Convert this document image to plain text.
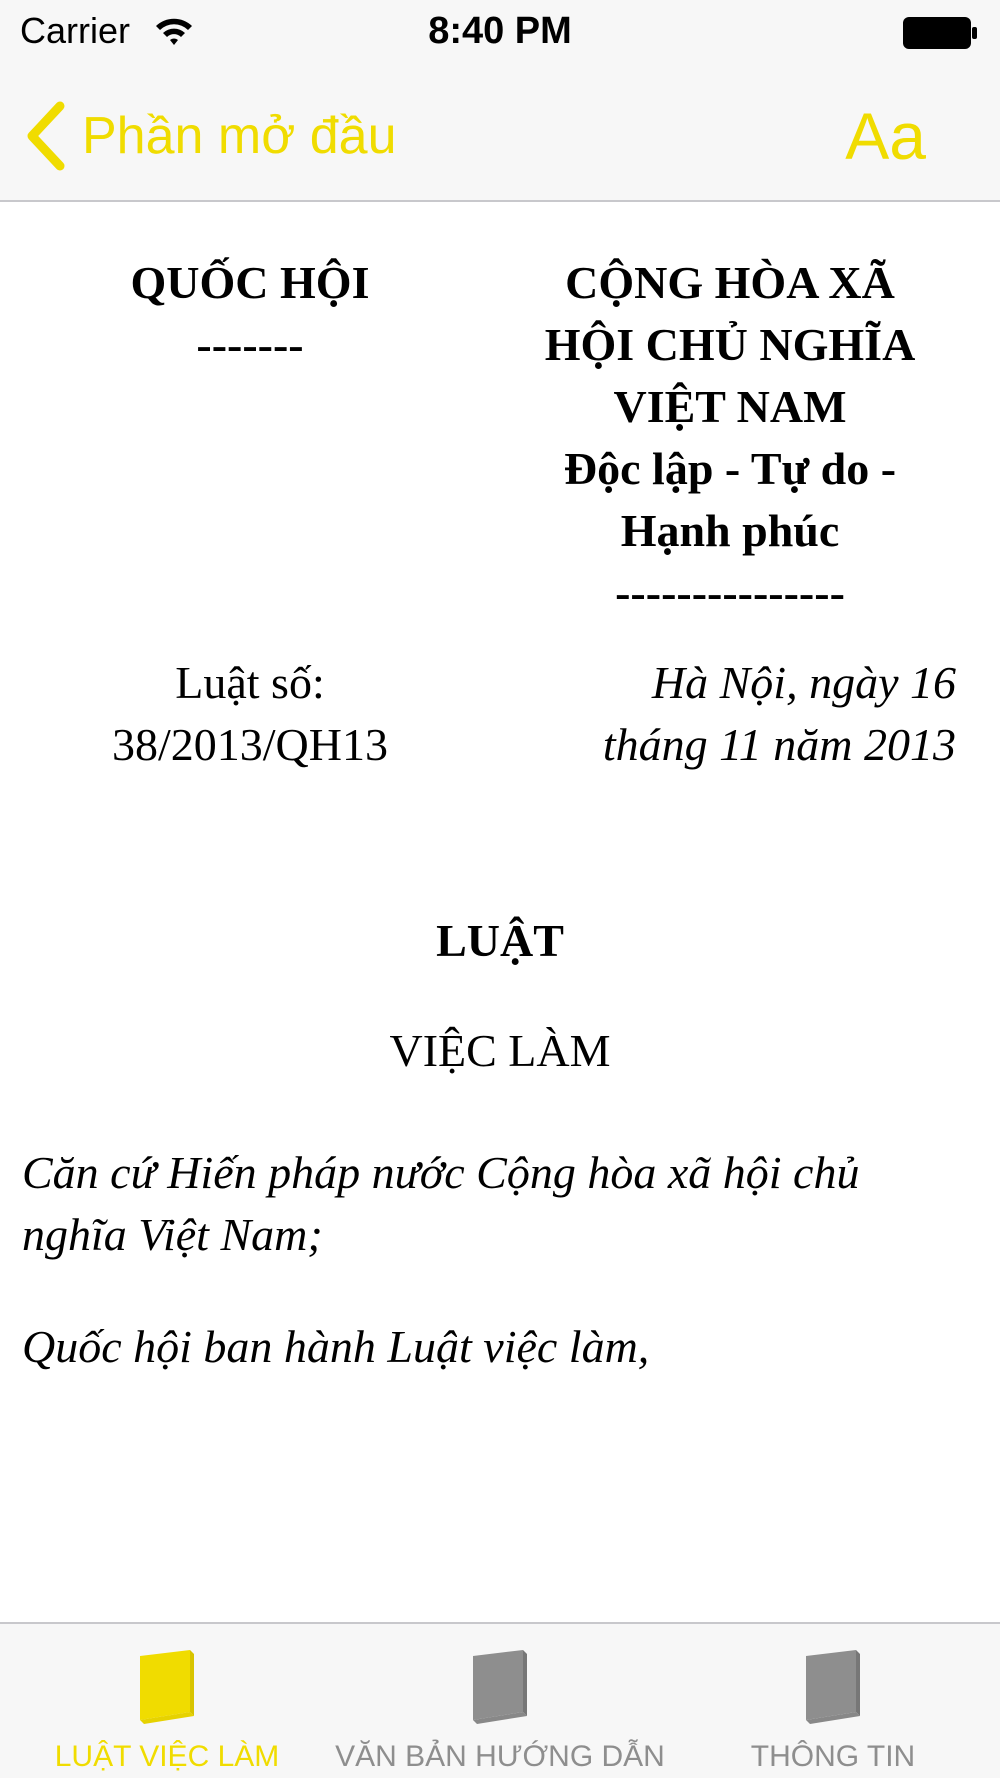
Carrier	8:40 PM
Phần mở đầu	Aa
QUỐC HỘI
-------
CỘNG HÒA XÃ
HỘI CHỦ NGHĨA
VIỆT NAM
Độc lập - Tự do -
Hạnh phúc
---------------
Luật số:
38/2013/QH13
Hà Nội, ngày 16
tháng 11 năm 2013
LUẬT
VIỆC LÀM
Căn cứ Hiến pháp nước Cộng hòa xã hội chủ
nghĩa Việt Nam;
Quốc hội ban hành Luật việc làm,
LUẬT VIỆC LÀM	VĂN BẢN HƯỚNG DẪN	THÔNG TIN
